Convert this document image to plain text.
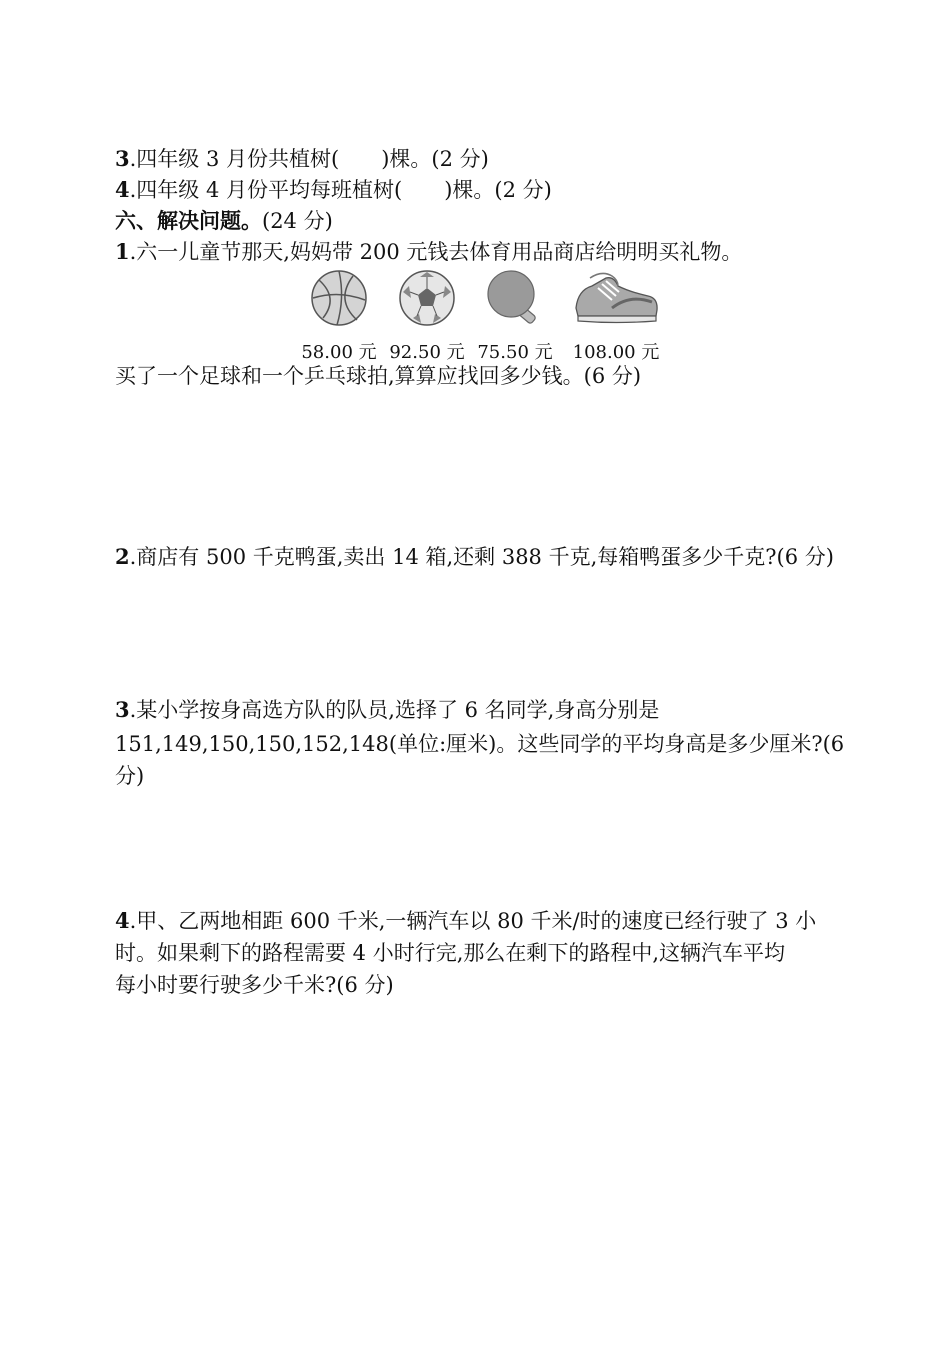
3.四年级 3 月份共植树(　　)棵。(2 分)
4.四年级 4 月份平均每班植树(　　)棵。(2 分)
六、解决问题。(24 分)
1.六一儿童节那天,妈妈带 200 元钱去体育用品商店给明明买礼物。
58.00 元 92.50 元 75.50 元	108.00 元
买了一个足球和一个乒乓球拍,算算应找回多少钱。(6 分)
2.商店有 500 千克鸭蛋,卖出 14 箱,还剩 388 千克,每箱鸭蛋多少千克?(6 分)
3.某小学按身高选方队的队员,选择了 6 名同学,身高分别是
151,149,150,150,152,148(单位:厘米)。这些同学的平均身高是多少厘米?(6
分)
4.甲、乙两地相距 600 千米,一辆汽车以 80 千米/时的速度已经行驶了 3 小
时。如果剩下的路程需要 4 小时行完,那么在剩下的路程中,这辆汽车平均
每小时要行驶多少千米?(6 分)
